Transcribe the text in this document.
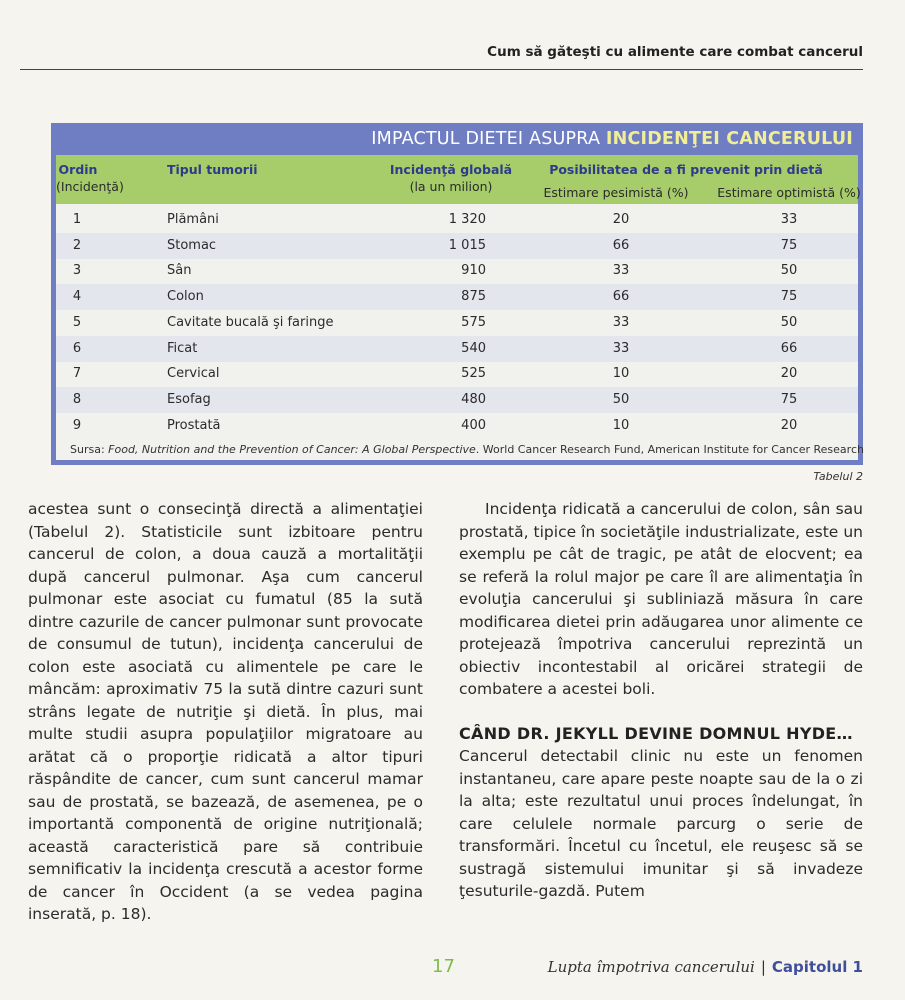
Cum să găteşti cu alimente care combat cancerul
IMPACTUL DIETEI ASUPRA INCIDENŢEI CANCERULUI
Ordin
(Incidenţă)
Tipul tumorii	Incidenţă globală
(la un milion)
Posibilitatea de a fi prevenit prin dietă
Estimare pesimistă (%)	Estimare optimistă (%)
1	Plămâni	1 320	20	33
2	Stomac	1 015	66	75
3	Sân	910	33	50
4	Colon	875	66	75
5	Cavitate bucală şi faringe	575	33	50
6	Ficat	540	33	66
7	Cervical	525	10	20
8	Esofag	480	50	75
9	Prostată	400	10	20
Sursa: Food, Nutrition and the Prevention of Cancer: A Global Perspective. World Cancer Research Fund, American Institute for Cancer Research
Tabelul 2

acestea sunt o consecinţă directă a alimentaţiei (Tabelul 2). Statisticile sunt izbitoare pentru cancerul de colon, a doua cauză a mortalităţii după cancerul pulmonar. Aşa cum cancerul pulmonar este asociat cu fumatul (85 la sută dintre cazurile de cancer pulmonar sunt provocate de consumul de tutun), incidenţa cancerului de colon este asociată cu alimentele pe care le mâncăm: aproximativ 75 la sută dintre cazuri sunt strâns legate de nutriţie şi dietă. În plus, mai multe studii asupra populaţiilor migratoare au arătat că o proporţie ridicată a altor tipuri răspândite de cancer, cum sunt cancerul mamar sau de prostată, se bazează, de asemenea, pe o importantă componentă de origine nutriţională; această caracteristică pare să contribuie semnificativ la incidenţa crescută a acestor forme de cancer în Occident (a se vedea pagina inserată, p. 18).

Incidenţa ridicată a cancerului de colon, sân sau prostată, tipice în societăţile industrializate, este un exemplu pe cât de tragic, pe atât de elocvent; ea se referă la rolul major pe care îl are alimentaţia în evoluţia cancerului şi subliniază măsura în care modificarea dietei prin adăugarea unor alimente ce protejează împotriva cancerului reprezintă un obiectiv incontestabil al oricărei strategii de combatere a acestei boli.

CÂND DR. JEKYLL DEVINE DOMNUL HYDE…

Cancerul detectabil clinic nu este un fenomen instantaneu, care apare peste noapte sau de la o zi la alta; este rezultatul unui proces îndelungat, în care celulele normale parcurg o serie de transformări. Încetul cu încetul, ele reuşesc să se sustragă sistemului imunitar şi să invadeze ţesuturile-gazdă. Putem

17	Lupta împotriva cancerului | Capitolul 1
